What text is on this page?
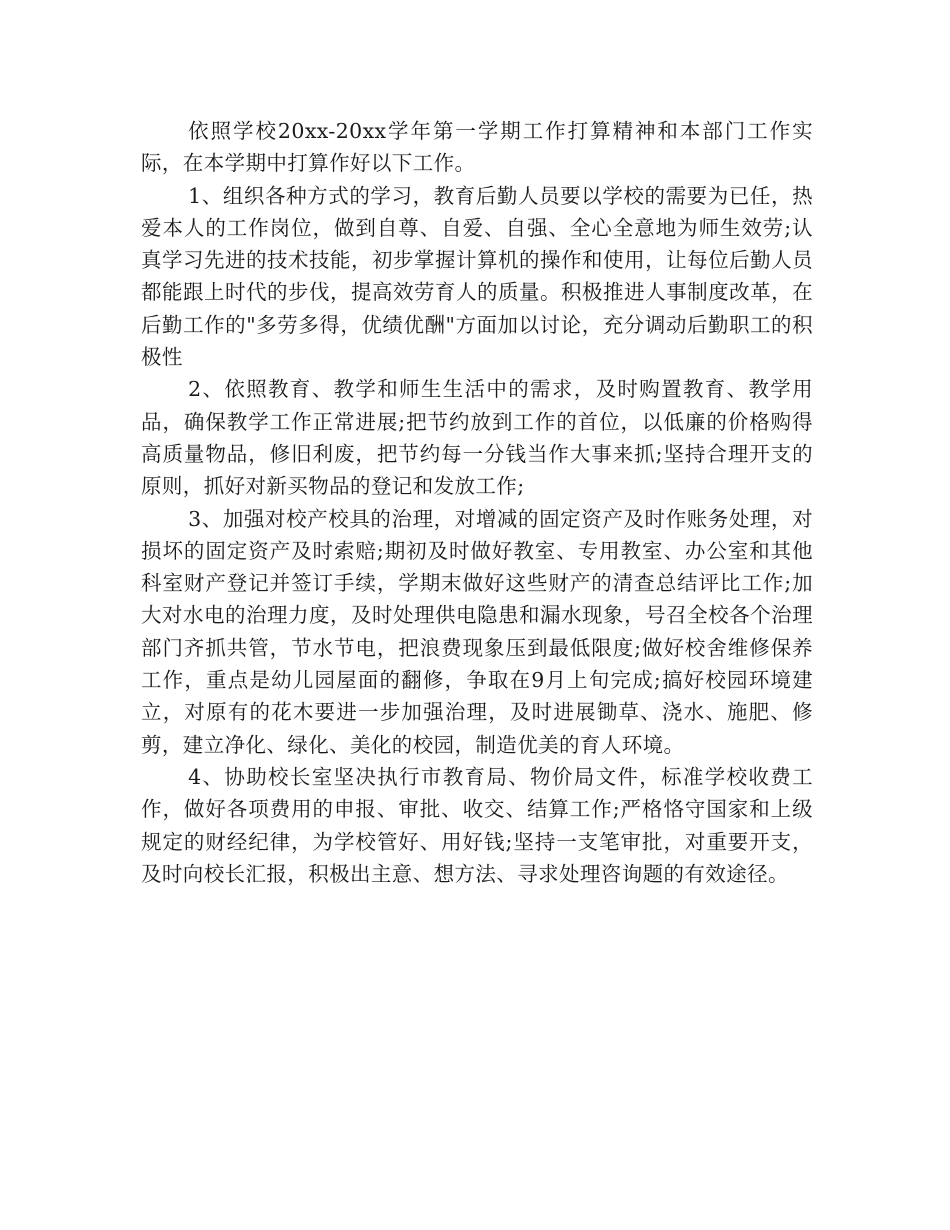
依照学校20xx-20xx学年第一学期工作打算精神和本部门工作实际，在本学期中打算作好以下工作。

1、组织各种方式的学习，教育后勤人员要以学校的需要为已任，热爱本人的工作岗位，做到自尊、自爱、自强、全心全意地为师生效劳;认真学习先进的技术技能，初步掌握计算机的操作和使用，让每位后勤人员都能跟上时代的步伐，提高效劳育人的质量。积极推进人事制度改革，在后勤工作的"多劳多得，优绩优酬"方面加以讨论，充分调动后勤职工的积极性

2、依照教育、教学和师生生活中的需求，及时购置教育、教学用品，确保教学工作正常进展;把节约放到工作的首位，以低廉的价格购得高质量物品，修旧利废，把节约每一分钱当作大事来抓;坚持合理开支的原则，抓好对新买物品的登记和发放工作;

3、加强对校产校具的治理，对增减的固定资产及时作账务处理，对损坏的固定资产及时索赔;期初及时做好教室、专用教室、办公室和其他科室财产登记并签订手续，学期末做好这些财产的清查总结评比工作;加大对水电的治理力度，及时处理供电隐患和漏水现象，号召全校各个治理部门齐抓共管，节水节电，把浪费现象压到最低限度;做好校舍维修保养工作，重点是幼儿园屋面的翻修，争取在9月上旬完成;搞好校园环境建立，对原有的花木要进一步加强治理，及时进展锄草、浇水、施肥、修剪，建立净化、绿化、美化的校园，制造优美的育人环境。

4、协助校长室坚决执行市教育局、物价局文件，标准学校收费工作，做好各项费用的申报、审批、收交、结算工作;严格恪守国家和上级规定的财经纪律，为学校管好、用好钱;坚持一支笔审批，对重要开支，及时向校长汇报，积极出主意、想方法、寻求处理咨询题的有效途径。
